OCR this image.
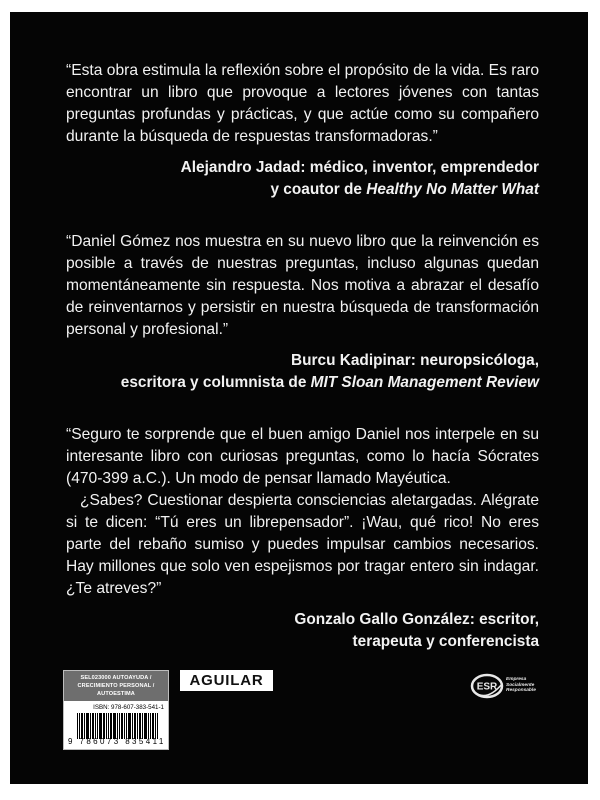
“Esta obra estimula la reflexión sobre el propósito de la vida. Es raro encontrar un libro que provoque a lectores jóvenes con tantas preguntas profundas y prácticas, y que actúe como su compañero durante la búsqueda de respuestas transformadoras.”

Alejandro Jadad: médico, inventor, emprendedor
y coautor de Healthy No Matter What

“Daniel Gómez nos muestra en su nuevo libro que la reinvención es posible a través de nuestras preguntas, incluso algunas quedan momentáneamente sin respuesta. Nos motiva a abrazar el desafío de reinventarnos y persistir en nuestra búsqueda de transformación personal y profesional.”

Burcu Kadipinar: neuropsicóloga,
escritora y columnista de MIT Sloan Management Review

“Seguro te sorprende que el buen amigo Daniel nos interpele en su interesante libro con curiosas preguntas, como lo hacía Sócrates (470-399 a.C.). Un modo de pensar llamado Mayéutica.

¿Sabes? Cuestionar despierta consciencias aletargadas. Alégrate si te dicen: “Tú eres un librepensador”. ¡Wau, qué rico! No eres parte del rebaño sumiso y puedes impulsar cambios necesarios. Hay millones que solo ven espejismos por tragar entero sin indagar. ¿Te atreves?”

Gonzalo Gallo González: escritor,
terapeuta y conferencista
SEL023000 AUTOAYUDA /
CRECIMIENTO PERSONAL /
AUTOESTIMA
ISBN: 978-607-383-541-1
9 786073 835411
AGUILAR	ESR
Empresa
Socialmente
Responsable
